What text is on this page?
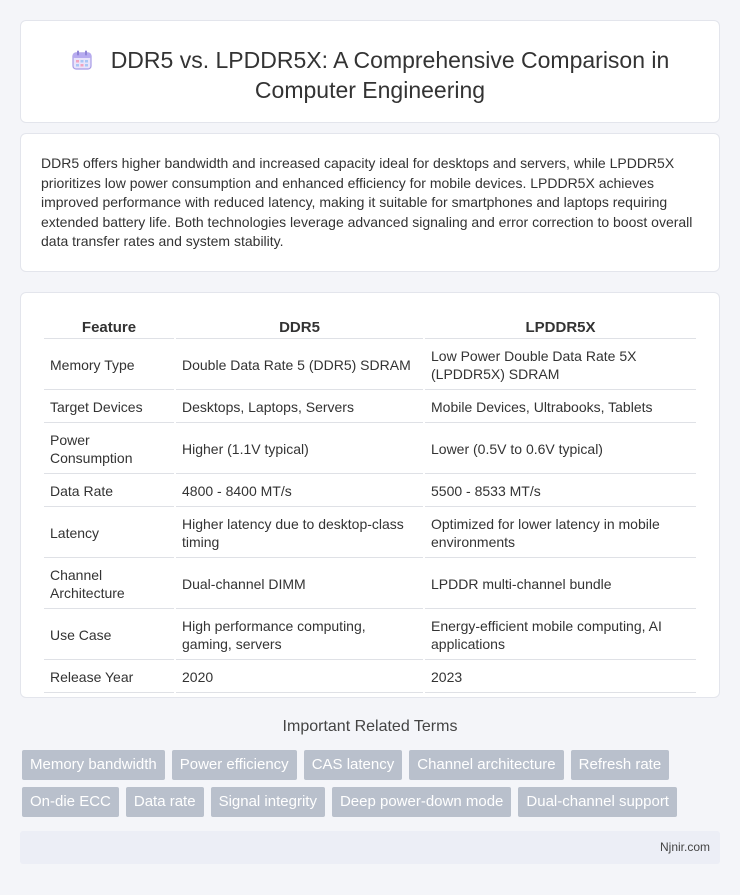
DDR5 vs. LPDDR5X: A Comprehensive Comparison in
Computer Engineering

DDR5 offers higher bandwidth and increased capacity ideal for desktops and servers, while LPDDR5X prioritizes low power consumption and enhanced efficiency for mobile devices. LPDDR5X achieves improved performance with reduced latency, making it suitable for smartphones and laptops requiring extended battery life. Both technologies leverage advanced signaling and error correction to boost overall data transfer rates and system stability.

Feature	DDR5	LPDDR5X
Memory Type	Double Data Rate 5 (DDR5) SDRAM	Low Power Double Data Rate 5X (LPDDR5X) SDRAM
Target Devices	Desktops, Laptops, Servers	Mobile Devices, Ultrabooks, Tablets
Power Consumption	Higher (1.1V typical)	Lower (0.5V to 0.6V typical)
Data Rate	4800 - 8400 MT/s	5500 - 8533 MT/s
Latency	Higher latency due to desktop-class timing	Optimized for lower latency in mobile environments
Channel Architecture	Dual-channel DIMM	LPDDR multi-channel bundle
Use Case	High performance computing, gaming, servers	Energy-efficient mobile computing, AI applications
Release Year	2020	2023
Important Related Terms
Memory bandwidth	Power efficiency	CAS latency	Channel architecture	Refresh rate
On-die ECC	Data rate	Signal integrity	Deep power-down mode	Dual-channel support
Njnir.com
